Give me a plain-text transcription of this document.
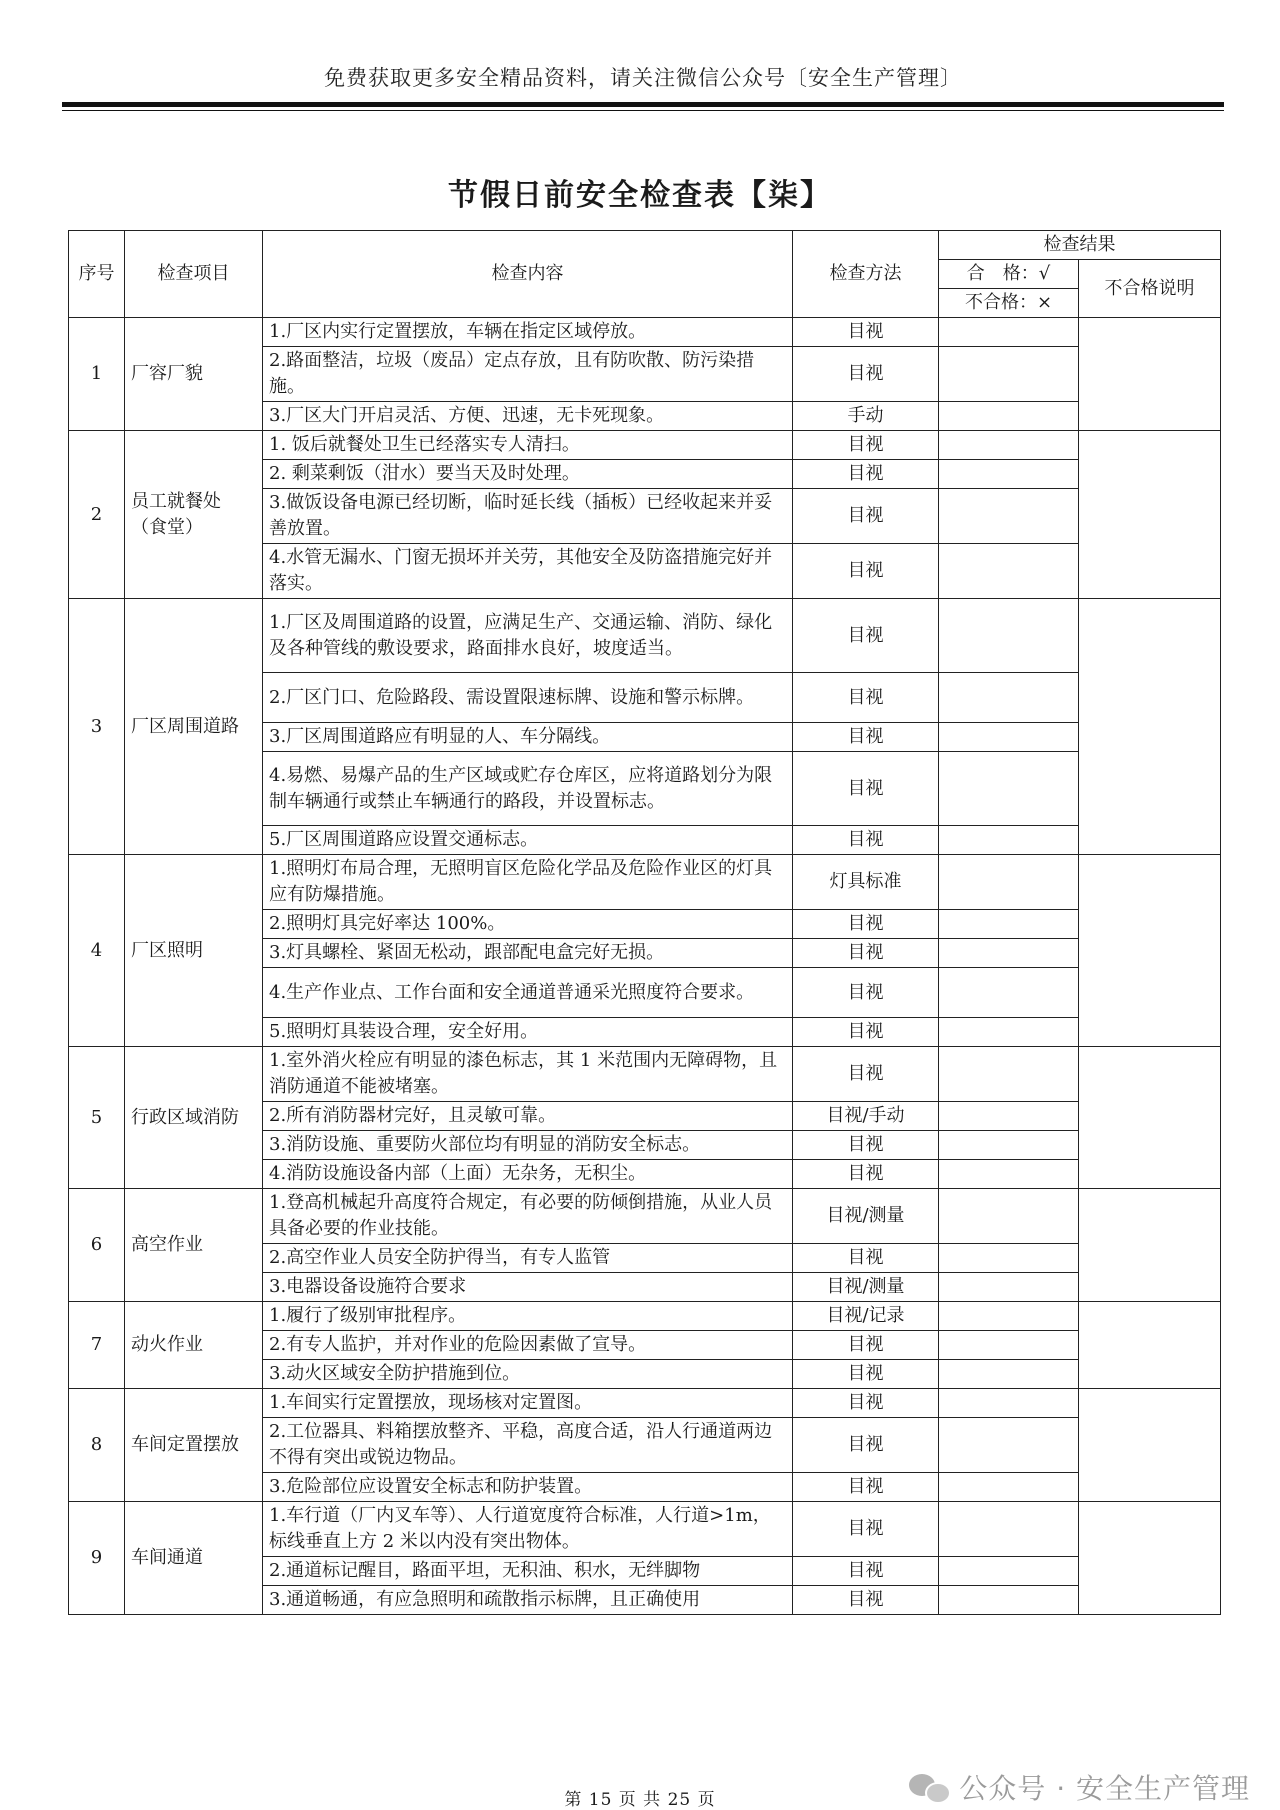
免费获取更多安全精品资料，请关注微信公众号〔安全生产管理〕
节假日前安全检查表【柒】
序号	检查项目	检查内容	检查方法	检查结果	
				合　格：√	不合格说明
				不合格：×	
1	厂容厂貌	1.厂区内实行定置摆放，车辆在指定区域停放。	目视		
		2.路面整洁，垃圾（废品）定点存放，且有防吹散、防污染措施。	目视		
		3.厂区大门开启灵活、方便、迅速，无卡死现象。	手动		
2	员工就餐处（食堂）	1. 饭后就餐处卫生已经落实专人清扫。	目视		
		2. 剩菜剩饭（泔水）要当天及时处理。	目视		
		3.做饭设备电源已经切断，临时延长线（插板）已经收起来并妥善放置。	目视		
		4.水管无漏水、门窗无损坏并关劳，其他安全及防盗措施完好并落实。	目视		
3	厂区周围道路	1.厂区及周围道路的设置，应满足生产、交通运输、消防、绿化及各种管线的敷设要求，路面排水良好，坡度适当。	目视		
		2.厂区门口、危险路段、需设置限速标牌、设施和警示标牌。	目视		
		3.厂区周围道路应有明显的人、车分隔线。	目视		
		4.易燃、易爆产品的生产区域或贮存仓库区，应将道路划分为限制车辆通行或禁止车辆通行的路段，并设置标志。	目视		
		5.厂区周围道路应设置交通标志。	目视		
4	厂区照明	1.照明灯布局合理，无照明盲区危险化学品及危险作业区的灯具应有防爆措施。	灯具标准		
		2.照明灯具完好率达 100%。	目视		
		3.灯具螺栓、紧固无松动，跟部配电盒完好无损。	目视		
		4.生产作业点、工作台面和安全通道普通采光照度符合要求。	目视		
		5.照明灯具装设合理，安全好用。	目视		
5	行政区域消防	1.室外消火栓应有明显的漆色标志，其 1 米范围内无障碍物，且消防通道不能被堵塞。	目视		
		2.所有消防器材完好，且灵敏可靠。	目视/手动		
		3.消防设施、重要防火部位均有明显的消防安全标志。	目视		
		4.消防设施设备内部（上面）无杂务，无积尘。	目视		
6	高空作业	1.登高机械起升高度符合规定，有必要的防倾倒措施，从业人员具备必要的作业技能。	目视/测量		
		2.高空作业人员安全防护得当，有专人监管	目视		
		3.电器设备设施符合要求	目视/测量		
7	动火作业	1.履行了级别审批程序。	目视/记录		
		2.有专人监护，并对作业的危险因素做了宣导。	目视		
		3.动火区域安全防护措施到位。	目视		
8	车间定置摆放	1.车间实行定置摆放，现场核对定置图。	目视		
		2.工位器具、料箱摆放整齐、平稳，高度合适，沿人行通道两边不得有突出或锐边物品。	目视		
		3.危险部位应设置安全标志和防护装置。	目视		
9	车间通道	1.车行道（厂内叉车等）、人行道宽度符合标准，人行道>1m，标线垂直上方 2 米以内没有突出物体。	目视		
		2.通道标记醒目，路面平坦，无积油、积水，无绊脚物	目视		
		3.通道畅通，有应急照明和疏散指示标牌，且正确使用	目视		
第 15 页 共 25 页	公众号 · 安全生产管理
